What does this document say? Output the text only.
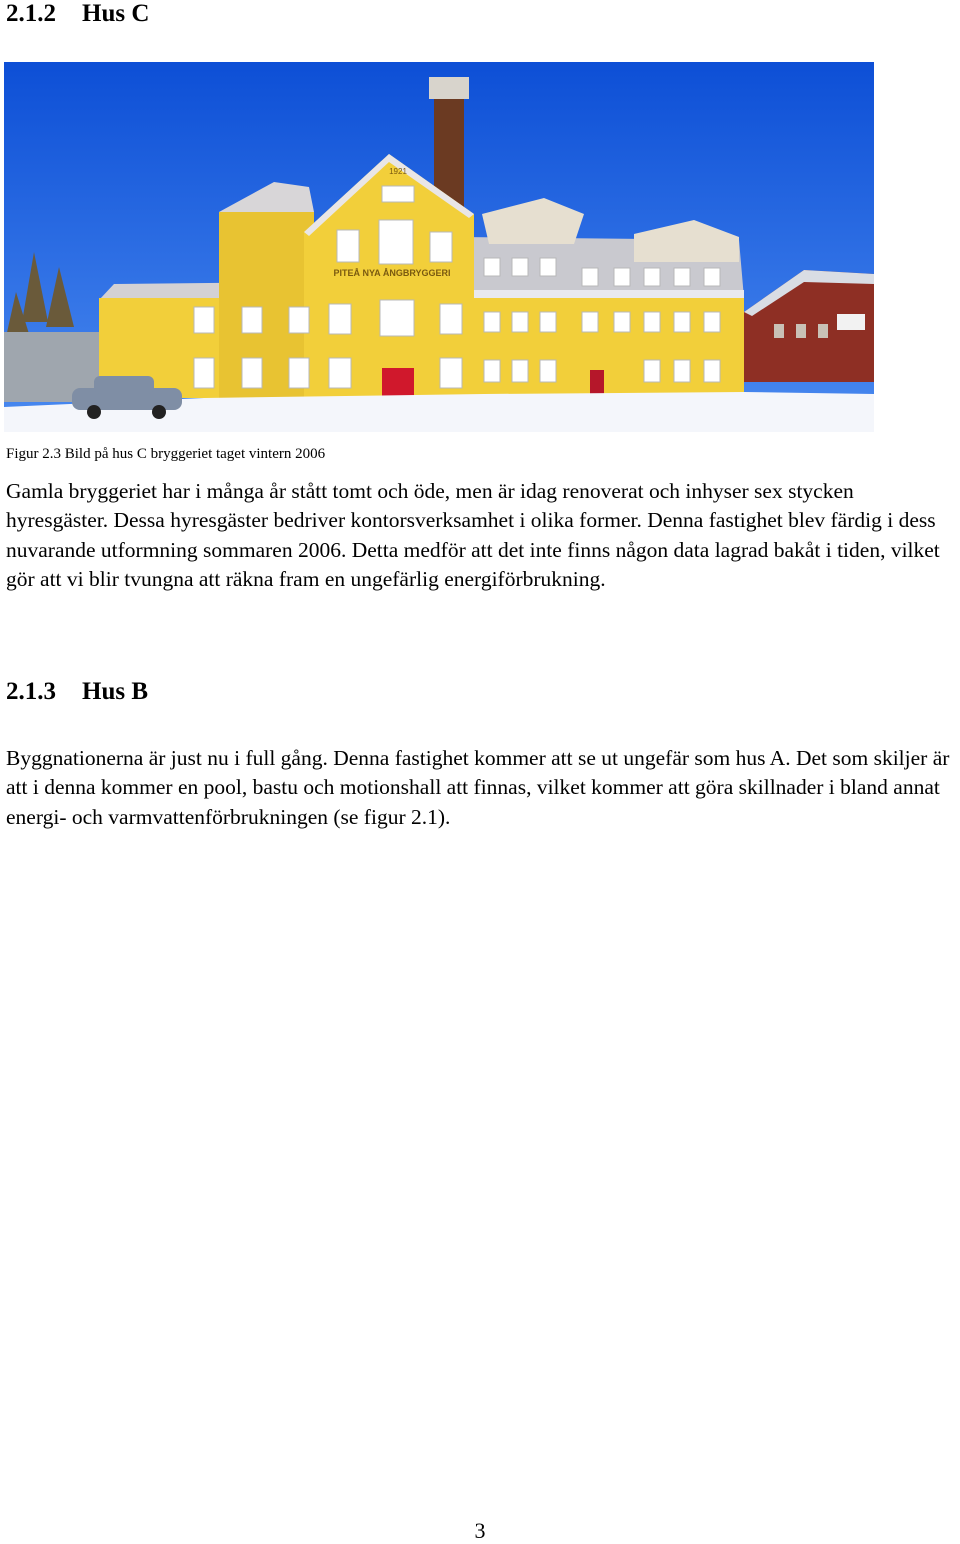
2.1.2 Hus C
PITEÅ NYA ÅNGBRYGGERI
1921
Figur 2.3 Bild på hus C bryggeriet taget vintern 2006

Gamla bryggeriet har i många år stått tomt och öde, men är idag renoverat och inhyser sex stycken hyresgäster. Dessa hyresgäster bedriver kontorsverksamhet i olika former. Denna fastighet blev färdig i dess nuvarande utformning sommaren 2006. Detta medför att det inte finns någon data lagrad bakåt i tiden, vilket gör att vi blir tvungna att räkna fram en ungefärlig energiförbrukning.

2.1.3 Hus B

Byggnationerna är just nu i full gång. Denna fastighet kommer att se ut ungefär som hus A. Det som skiljer är att i denna kommer en pool, bastu och motionshall att finnas, vilket kommer att göra skillnader i bland annat energi- och varmvattenförbrukningen (se figur 2.1).

3
